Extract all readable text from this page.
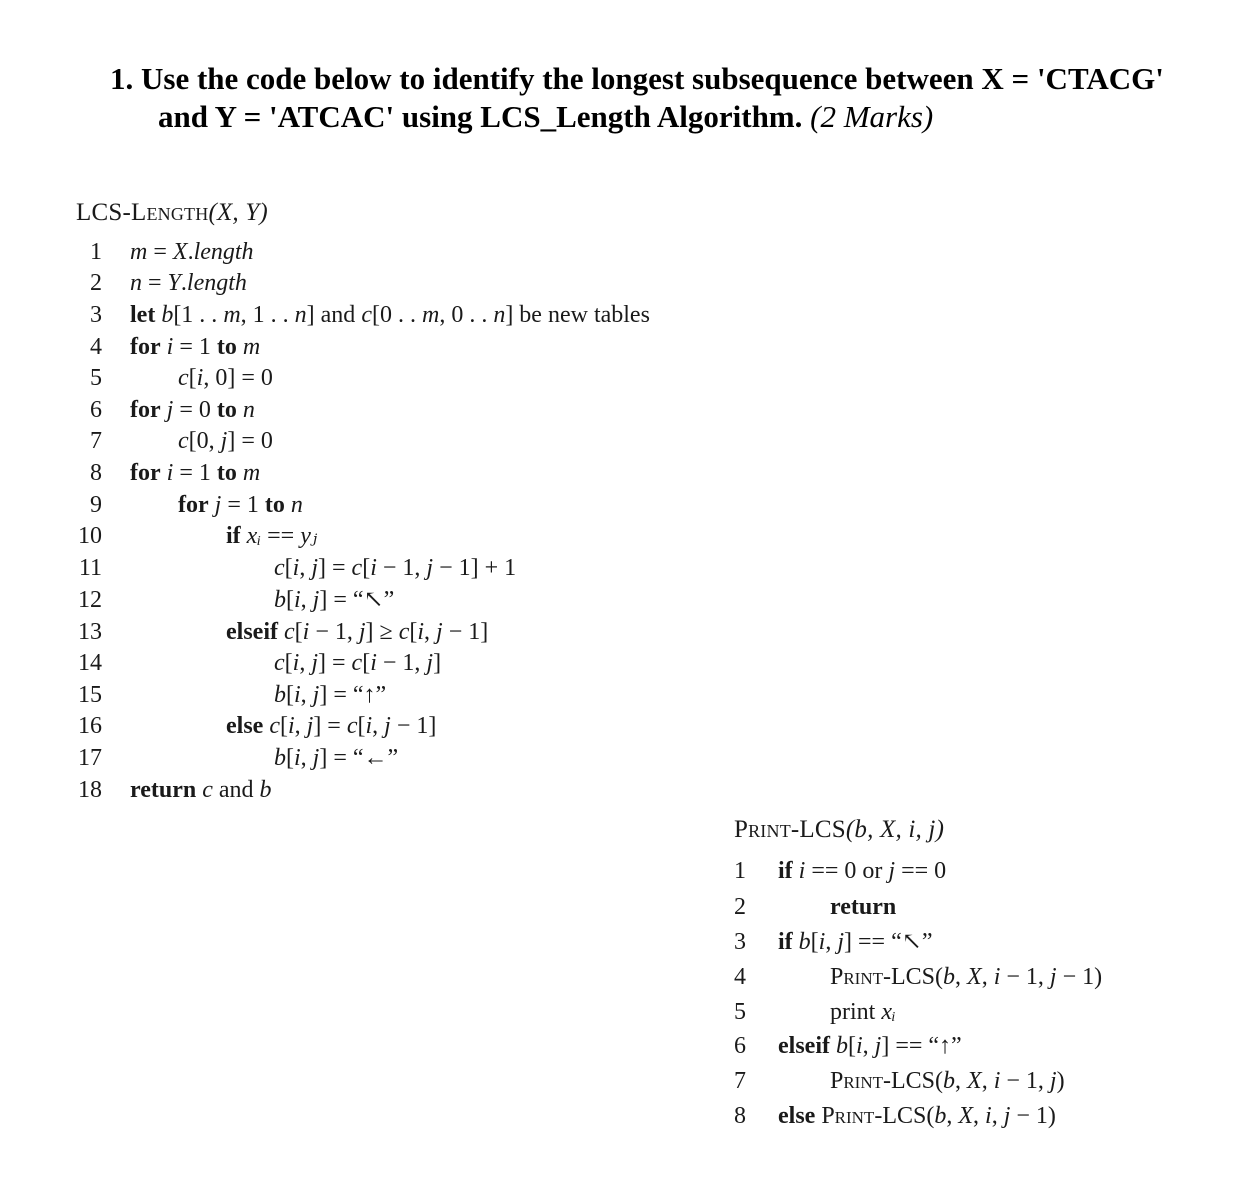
1. Use the code below to identify the longest subsequence between X = 'CTACG'
and Y = 'ATCAC' using LCS_Length Algorithm. (2 Marks)
LCS-Length(X, Y)
1 m = X.length
2 n = Y.length
3 let b[1 . . m, 1 . . n] and c[0 . . m, 0 . . n] be new tables
4 for i = 1 to m
5	c[i, 0] = 0
6 for j = 0 to n
7	c[0, j] = 0
8 for i = 1 to m
9	for j = 1 to n
10	if xᵢ == yⱼ
11	c[i, j] = c[i − 1, j − 1] + 1
12	b[i, j] = “↖”
13	elseif c[i − 1, j] ≥ c[i, j − 1]
14	c[i, j] = c[i − 1, j]
15	b[i, j] = “↑”
16	else c[i, j] = c[i, j − 1]
17	b[i, j] = “←”
18 return c and b
Print-LCS(b, X, i, j)
1 if i == 0 or j == 0
2	return
3 if b[i, j] == “↖”
4	Print-LCS(b, X, i − 1, j − 1)
5	print xᵢ
6 elseif b[i, j] == “↑”
7	Print-LCS(b, X, i − 1, j)
8 else Print-LCS(b, X, i, j − 1)
